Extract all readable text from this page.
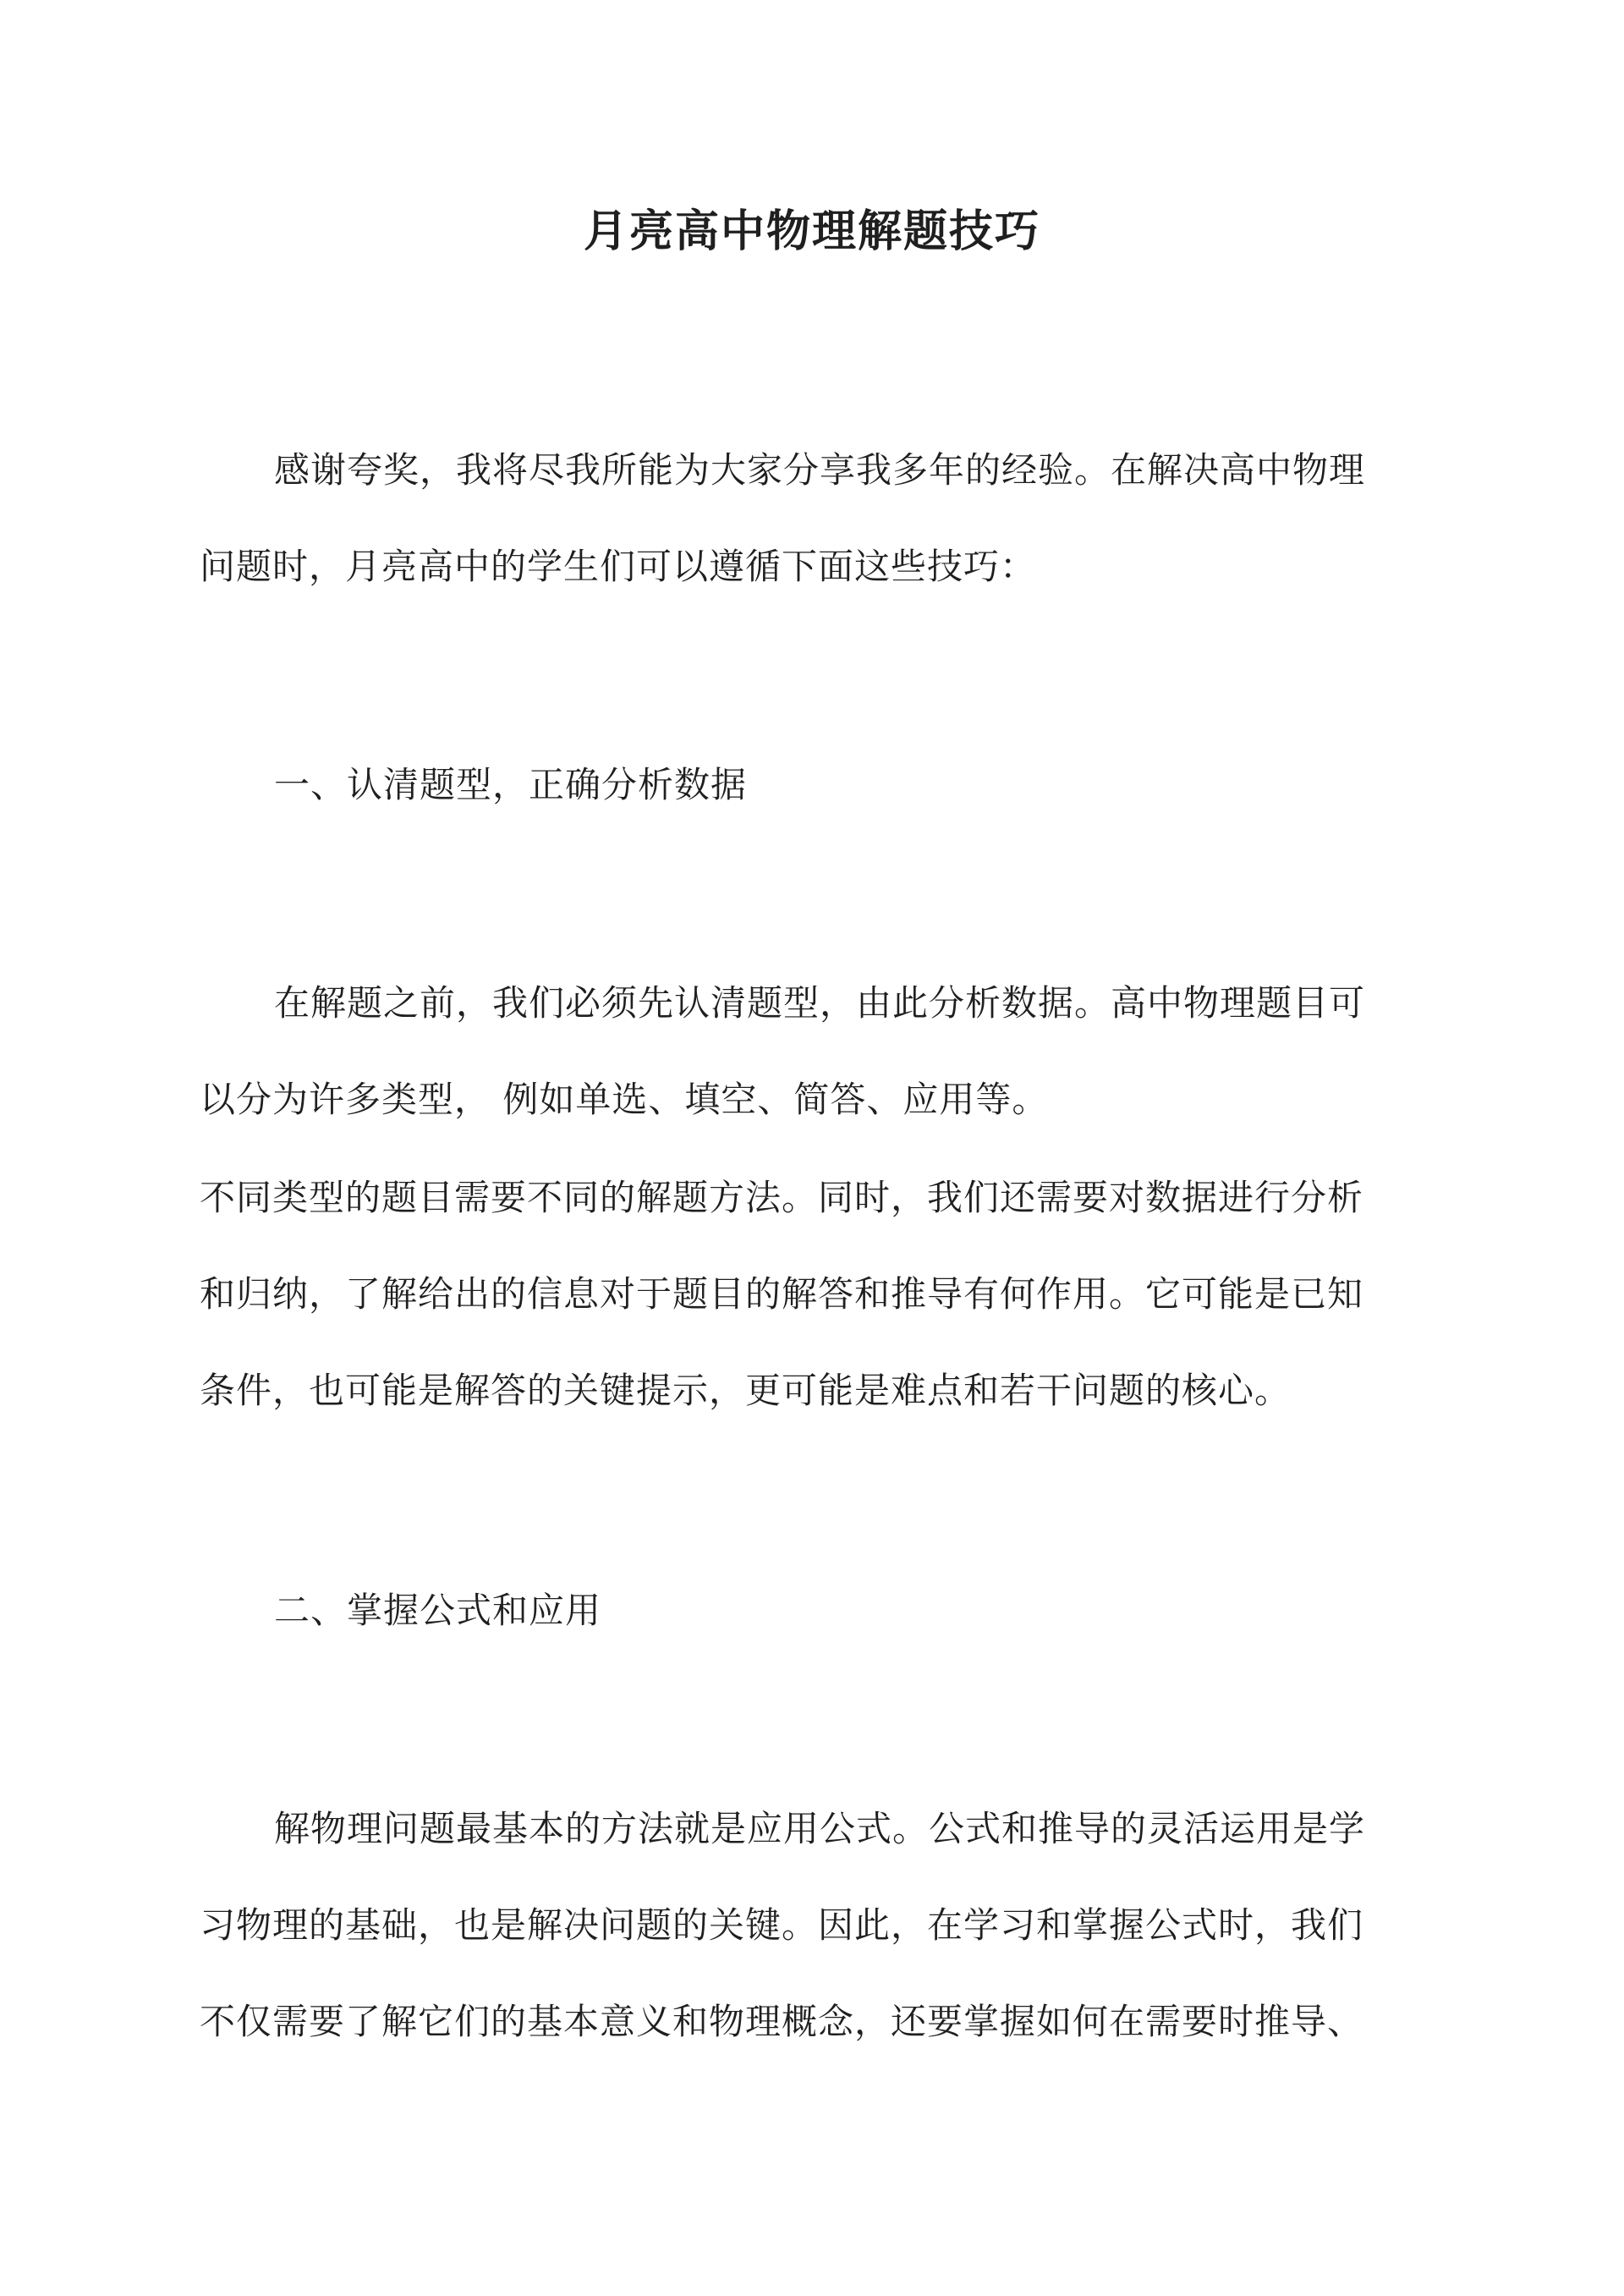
月亮高中物理解题技巧
感谢夸奖，我将尽我所能为大家分享我多年的经验。在解决高中物理
问题时，月亮高中的学生们可以遵循下面这些技巧：
一、认清题型，正确分析数据
在解题之前，我们必须先认清题型，由此分析数据。高中物理题目可
以分为许多类型， 例如单选、填空、简答、应用等。
不同类型的题目需要不同的解题方法。同时，我们还需要对数据进行分析
和归纳，了解给出的信息对于题目的解答和推导有何作用。它可能是已知
条件，也可能是解答的关键提示，更可能是难点和若干问题的核心。
二、掌握公式和应用
解物理问题最基本的方法就是应用公式。公式和推导的灵活运用是学
习物理的基础，也是解决问题的关键。因此，在学习和掌握公式时，我们
不仅需要了解它们的基本意义和物理概念，还要掌握如何在需要时推导、
